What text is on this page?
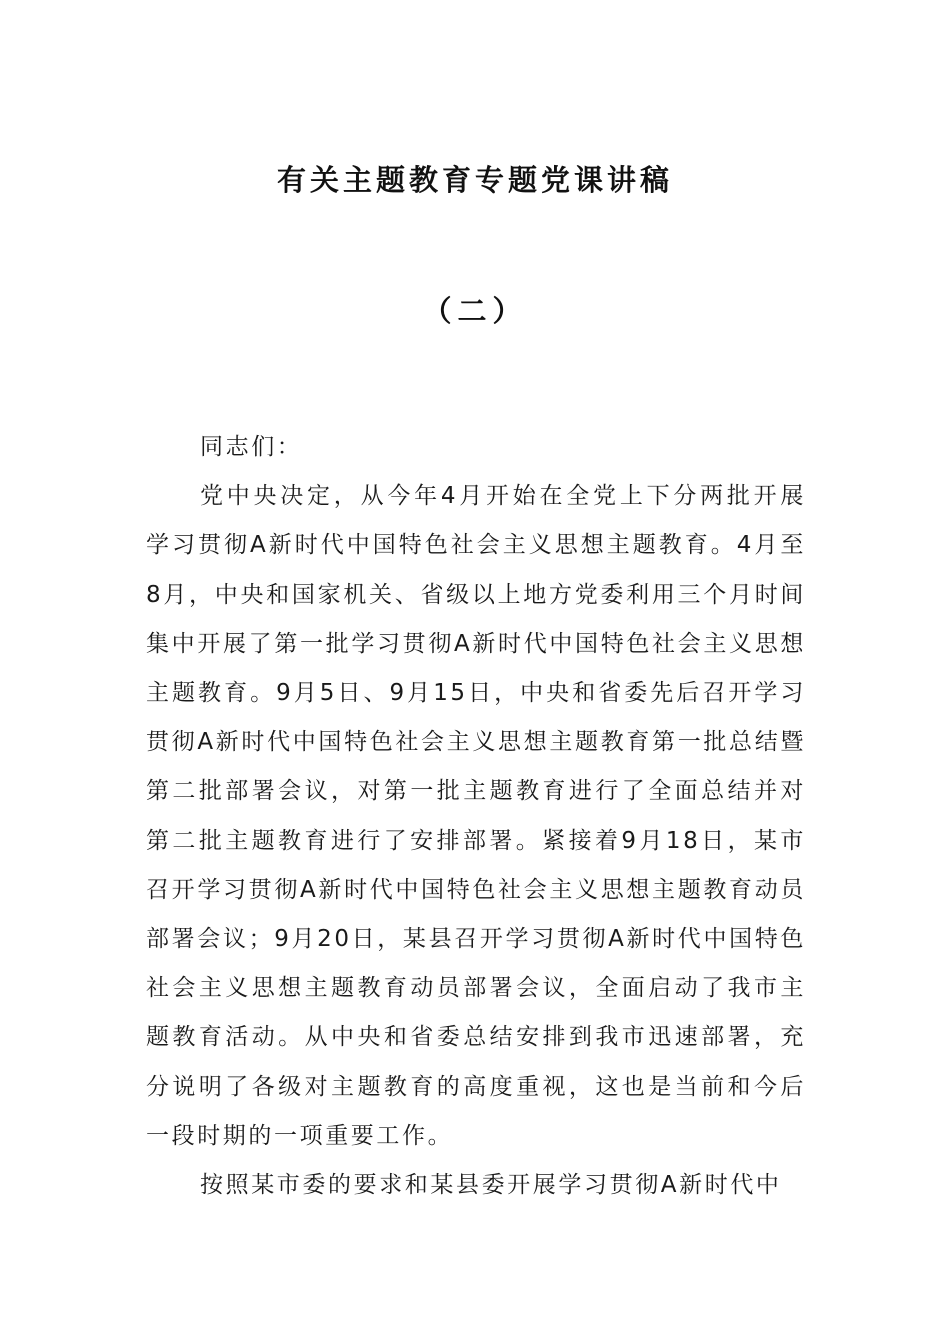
有关主题教育专题党课讲稿
（二）

同志们：

党中央决定，从今年4月开始在全党上下分两批开展学习贯彻A新时代中国特色社会主义思想主题教育。4月至8月，中央和国家机关、省级以上地方党委利用三个月时间集中开展了第一批学习贯彻A新时代中国特色社会主义思想主题教育。9月5日、9月15日，中央和省委先后召开学习贯彻A新时代中国特色社会主义思想主题教育第一批总结暨第二批部署会议，对第一批主题教育进行了全面总结并对第二批主题教育进行了安排部署。紧接着9月18日，某市召开学习贯彻A新时代中国特色社会主义思想主题教育动员部署会议；9月20日，某县召开学习贯彻A新时代中国特色社会主义思想主题教育动员部署会议，全面启动了我市主题教育活动。从中央和省委总结安排到我市迅速部署，充分说明了各级对主题教育的高度重视，这也是当前和今后一段时期的一项重要工作。

按照某市委的要求和某县委开展学习贯彻A新时代中
